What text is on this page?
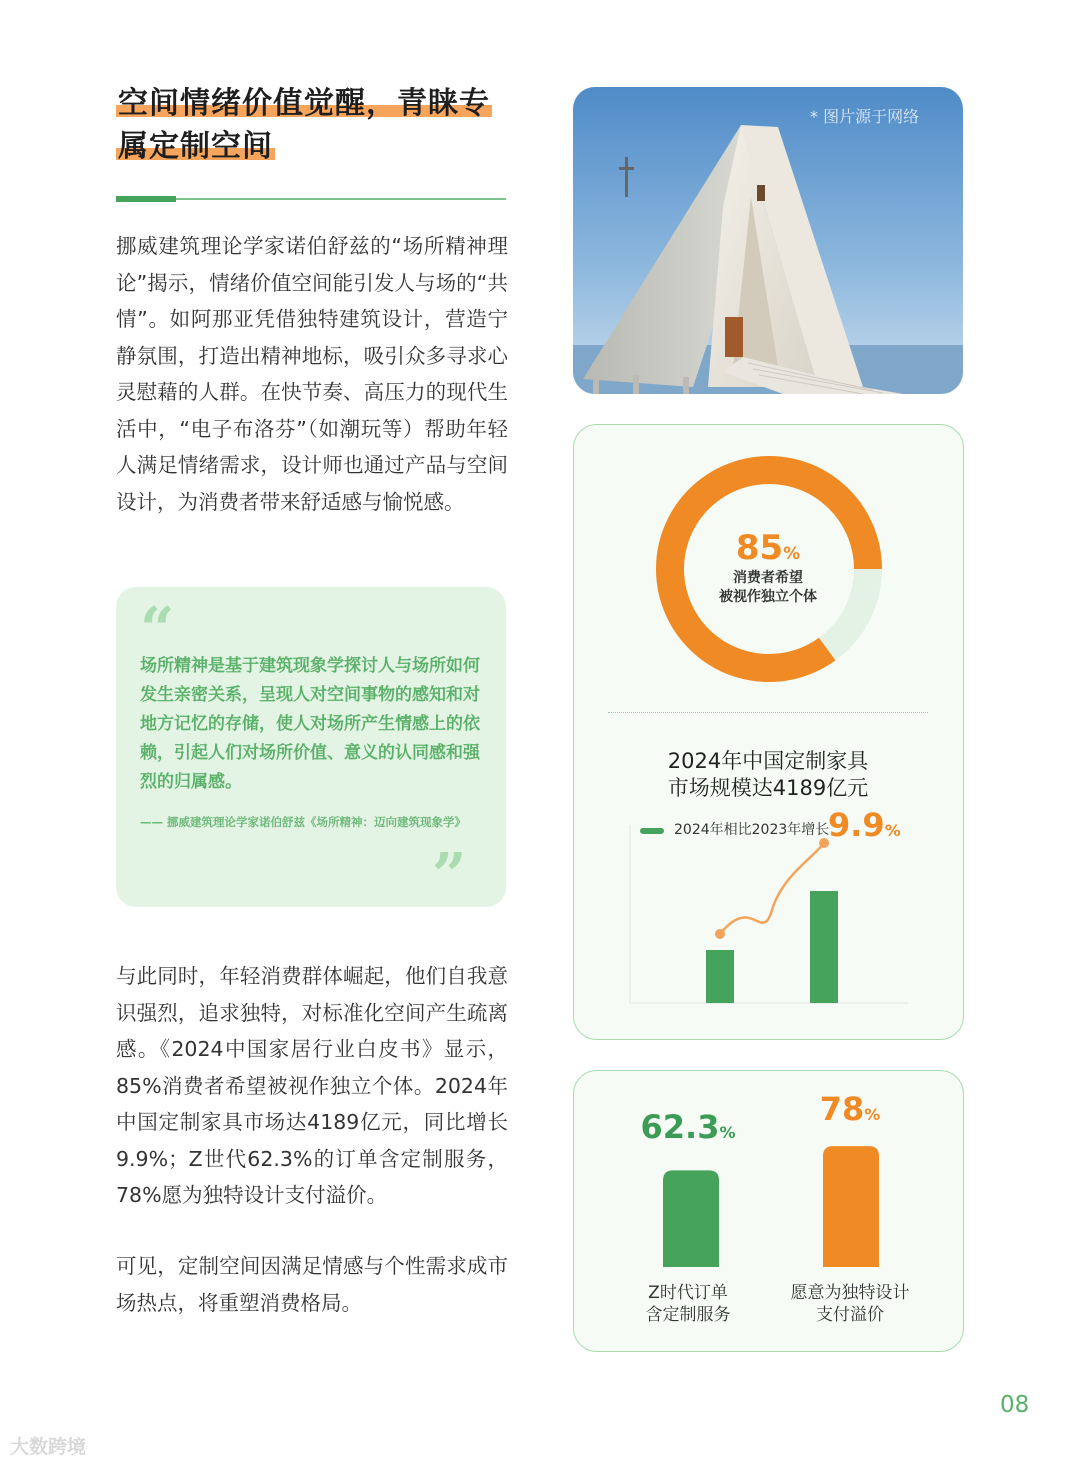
空间情绪价值觉醒，青睐专
属定制空间
挪威建筑理论学家诺伯舒兹的“场所精神理论”揭示，情绪价值空间能引发人与场的“共情”。如阿那亚凭借独特建筑设计，营造宁静氛围，打造出精神地标，吸引众多寻求心灵慰藉的人群。在快节奏、高压力的现代生活中，“电子布洛芬”（如潮玩等）帮助年轻人满足情绪需求，设计师也通过产品与空间设计，为消费者带来舒适感与愉悦感。
“
场所精神是基于建筑现象学探讨人与场所如何发生亲密关系，呈现人对空间事物的感知和对地方记忆的存储，使人对场所产生情感上的依赖，引起人们对场所价值、意义的认同感和强烈的归属感。
—— 挪威建筑理论学家诺伯舒兹《场所精神：迈向建筑现象学》
”
与此同时，年轻消费群体崛起，他们自我意识强烈，追求独特，对标准化空间产生疏离感。《2024中国家居行业白皮书》显示，85%消费者希望被视作独立个体。2024年中国定制家具市场达4189亿元，同比增长9.9%；Z世代62.3%的订单含定制服务，78%愿为独特设计支付溢价。
可见，定制空间因满足情感与个性需求成市场热点，将重塑消费格局。
* 图片源于网络
85%
消费者希望
被视作独立个体
2024年中国定制家具
市场规模达4189亿元
2024年相比2023年增长
9.9%
62.3%
78%
Z时代订单
含定制服务
愿意为独特设计
支付溢价
08
大数跨境
